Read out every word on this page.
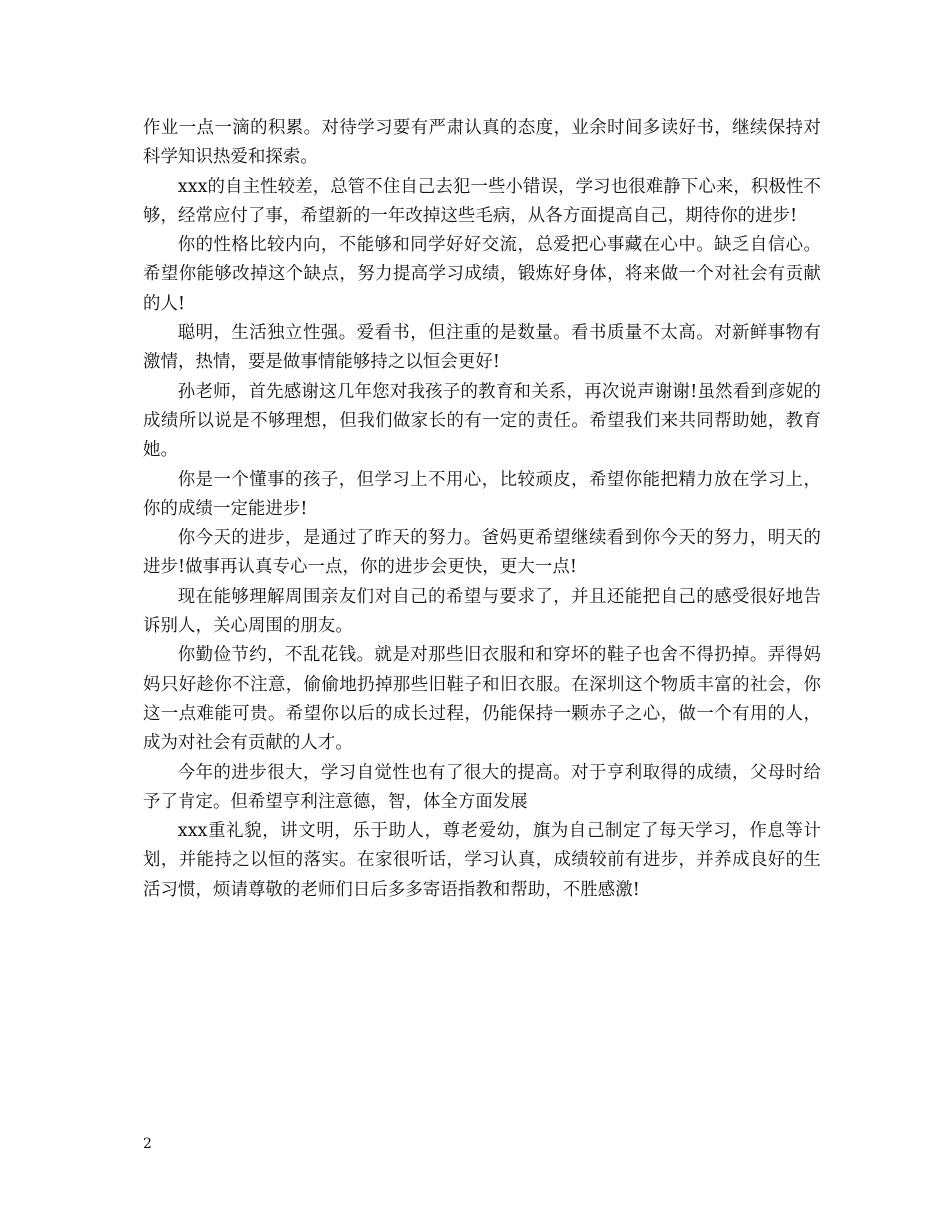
作业一点一滴的积累。对待学习要有严肃认真的态度，业余时间多读好书，继续保持对科学知识热爱和探索。

xxx的自主性较差，总管不住自己去犯一些小错误，学习也很难静下心来，积极性不够，经常应付了事，希望新的一年改掉这些毛病，从各方面提高自己，期待你的进步!

你的性格比较内向，不能够和同学好好交流，总爱把心事藏在心中。缺乏自信心。希望你能够改掉这个缺点，努力提高学习成绩，锻炼好身体，将来做一个对社会有贡献的人!

聪明，生活独立性强。爱看书，但注重的是数量。看书质量不太高。对新鲜事物有激情，热情，要是做事情能够持之以恒会更好!

孙老师，首先感谢这几年您对我孩子的教育和关系，再次说声谢谢!虽然看到彦妮的成绩所以说是不够理想，但我们做家长的有一定的责任。希望我们来共同帮助她，教育她。

你是一个懂事的孩子，但学习上不用心，比较顽皮，希望你能把精力放在学习上，你的成绩一定能进步!

你今天的进步，是通过了昨天的努力。爸妈更希望继续看到你今天的努力，明天的进步!做事再认真专心一点，你的进步会更快，更大一点!

现在能够理解周围亲友们对自己的希望与要求了，并且还能把自己的感受很好地告诉别人，关心周围的朋友。

你勤俭节约，不乱花钱。就是对那些旧衣服和和穿坏的鞋子也舍不得扔掉。弄得妈妈只好趁你不注意，偷偷地扔掉那些旧鞋子和旧衣服。在深圳这个物质丰富的社会，你这一点难能可贵。希望你以后的成长过程，仍能保持一颗赤子之心，做一个有用的人，成为对社会有贡献的人才。

今年的进步很大，学习自觉性也有了很大的提高。对于亨利取得的成绩，父母时给予了肯定。但希望亨利注意德，智，体全方面发展

xxx重礼貌，讲文明，乐于助人，尊老爱幼，旗为自己制定了每天学习，作息等计划，并能持之以恒的落实。在家很听话，学习认真，成绩较前有进步，并养成良好的生活习惯，烦请尊敬的老师们日后多多寄语指教和帮助，不胜感激!

2
